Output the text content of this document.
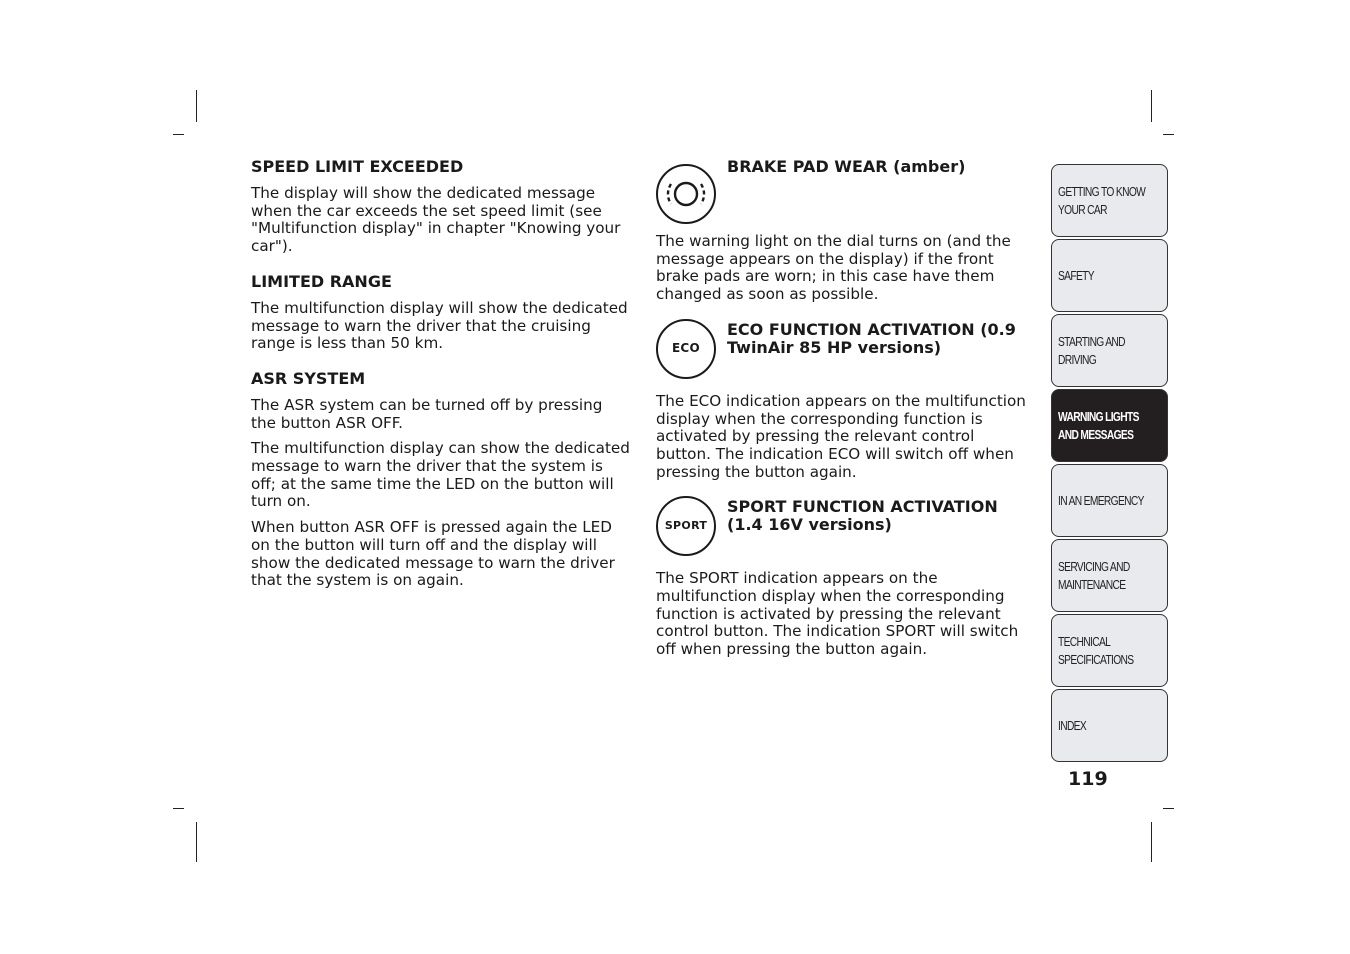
SPEED LIMIT EXCEEDED

The display will show the dedicated message when the car exceeds the set speed limit (see "Multifunction display" in chapter "Knowing your car").

LIMITED RANGE

The multifunction display will show the dedicated message to warn the driver that the cruising range is less than 50 km.

ASR SYSTEM

The ASR system can be turned off by pressing the button ASR OFF.

The multifunction display can show the dedicated message to warn the driver that the system is off; at the same time the LED on the button will turn on.

When button ASR OFF is pressed again the LED on the button will turn off and the display will show the dedicated message to warn the driver that the system is on again.

BRAKE PAD WEAR (amber)

The warning light on the dial turns on (and the message appears on the display) if the front brake pads are worn; in this case have them changed as soon as possible.

ECO

ECO FUNCTION ACTIVATION (0.9 TwinAir 85 HP versions)

The ECO indication appears on the multifunction display when the corresponding function is activated by pressing the relevant control button. The indication ECO will switch off when pressing the button again.

SPORT

SPORT FUNCTION ACTIVATION (1.4 16V versions)

The SPORT indication appears on the multifunction display when the corresponding function is activated by pressing the relevant control button. The indication SPORT will switch off when pressing the button again.

GETTING TO KNOW
YOUR CAR
SAFETY
STARTING AND
DRIVING
WARNING LIGHTS
AND MESSAGES
IN AN EMERGENCY
SERVICING AND
MAINTENANCE
TECHNICAL
SPECIFICATIONS
INDEX
119
